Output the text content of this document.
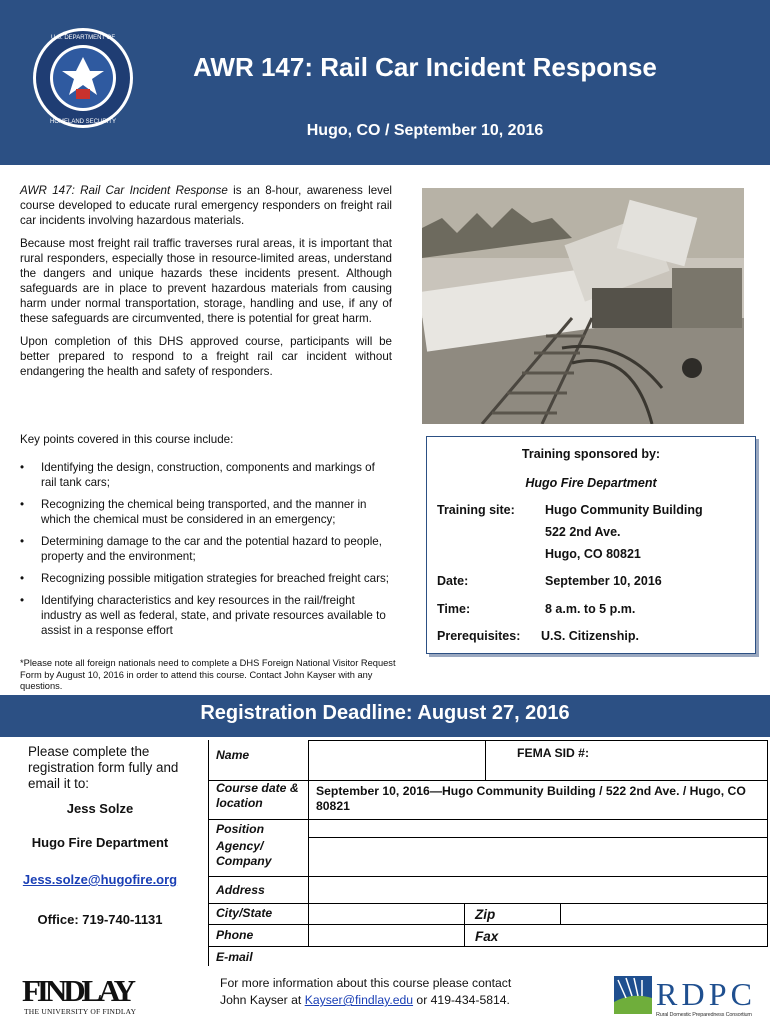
U.S. DEPARTMENT OF
HOMELAND SECURITY
AWR 147: Rail Car Incident Response
Hugo, CO / September 10, 2016

AWR 147: Rail Car Incident Response is an 8-hour, awareness level course developed to educate rural emergency responders on freight rail car incidents involving hazardous materials.

Because most freight rail traffic traverses rural areas, it is important that rural responders, especially those in resource-limited areas, understand the dangers and unique hazards these incidents present. Although safeguards are in place to prevent hazardous materials from causing harm under normal transportation, storage, handling and use, if any of these safeguards are circumvented, there is potential for great harm.

Upon completion of this DHS approved course, participants will be better prepared to respond to a freight rail car incident without endangering the health and safety of responders.

Key points covered in this course include:
• Identifying the design, construction, components and markings of rail tank cars;
• Recognizing the chemical being transported, and the manner in which the chemical must be considered in an emergency;
• Determining damage to the car and the potential hazard to people, property and the environment;
• Recognizing possible mitigation strategies for breached freight cars;
• Identifying characteristics and key resources in the rail/freight industry as well as federal, state, and private resources available to assist in a response effort
*Please note all foreign nationals need to complete a DHS Foreign National Visitor Request Form by August 10, 2016 in order to attend this course. Contact John Kayser with any questions.
Training sponsored by:
Hugo Fire Department
Training site: Hugo Community Building
522 2nd Ave.
Hugo, CO 80821
Date:	September 10, 2016
Time:	8 a.m. to 5 p.m.
Prerequisites: U.S. Citizenship.
Registration Deadline: August 27, 2016
Please complete the registration form fully and email it to:
Jess Solze
Hugo Fire Department
Jess.solze@hugofire.org
Office: 719-740-1131
Name	FEMA SID #:
Course date & location
September 10, 2016—Hugo Community Building / 522 2nd Ave. / Hugo, CO 80821
Position
Agency/ Company
Address
City/State	Zip
Phone	Fax
E-mail
FINDLAY
THE UNIVERSITY OF FINDLAY
For more information about this course please contact
John Kayser at Kayser@findlay.edu or 419-434-5814.	RDPC
Rural Domestic Preparedness Consortium
